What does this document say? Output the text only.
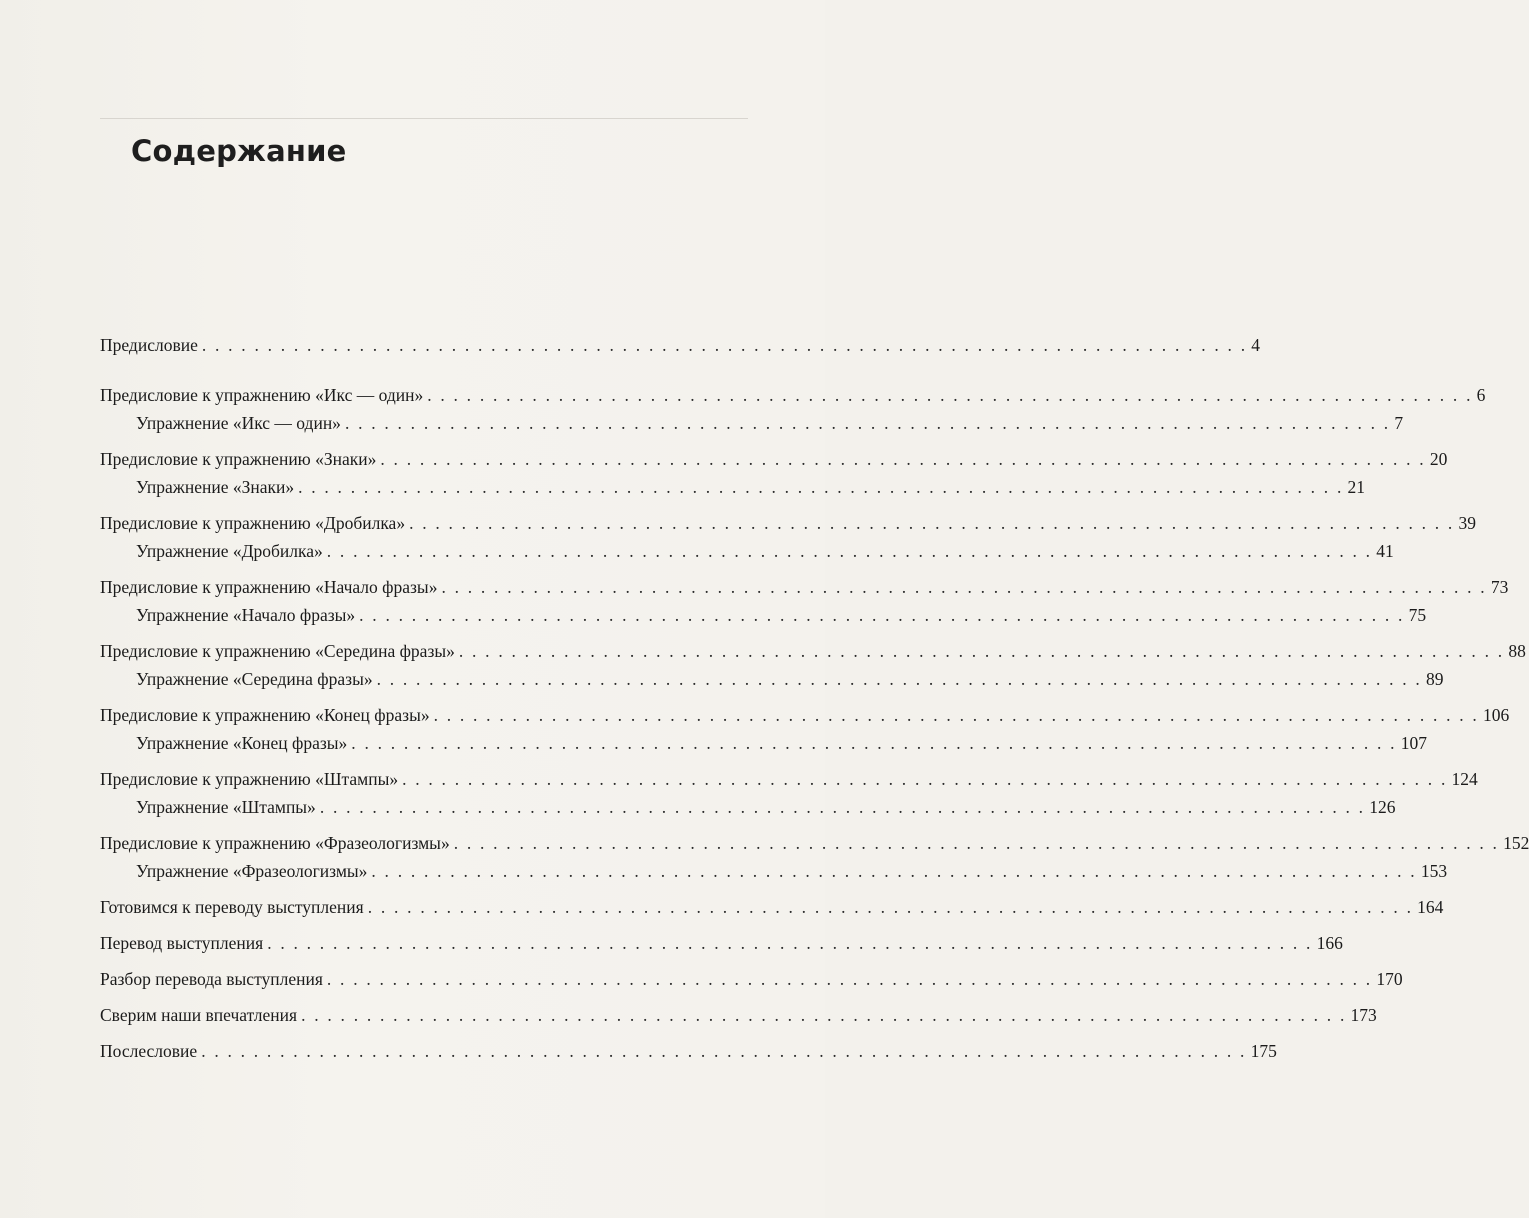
Содержание
Предисловие . . . . . . . . . . . . . . . . . . . . . . . . . . . . . . . . . . . . . . . . . . . . . . . . . . . . . . . . . . . . . . . . . . . . . . . . . . . . . . . . 4
Предисловие к упражнению «Икс — один» . . . . . . . . . . . . . . . . . . . . . . . . . . . . . . . . . . . . . . . . . . . . . . . . . . . . . . . . . . . . . . . . . . . . . . . . . . . . . . . . 6
Упражнение «Икс — один» . . . . . . . . . . . . . . . . . . . . . . . . . . . . . . . . . . . . . . . . . . . . . . . . . . . . . . . . . . . . . . . . . . . . . . . . . . . . . . . . 7
Предисловие к упражнению «Знаки» . . . . . . . . . . . . . . . . . . . . . . . . . . . . . . . . . . . . . . . . . . . . . . . . . . . . . . . . . . . . . . . . . . . . . . . . . . . . . . . . 20
Упражнение «Знаки» . . . . . . . . . . . . . . . . . . . . . . . . . . . . . . . . . . . . . . . . . . . . . . . . . . . . . . . . . . . . . . . . . . . . . . . . . . . . . . . . 21
Предисловие к упражнению «Дробилка» . . . . . . . . . . . . . . . . . . . . . . . . . . . . . . . . . . . . . . . . . . . . . . . . . . . . . . . . . . . . . . . . . . . . . . . . . . . . . . . . 39
Упражнение «Дробилка» . . . . . . . . . . . . . . . . . . . . . . . . . . . . . . . . . . . . . . . . . . . . . . . . . . . . . . . . . . . . . . . . . . . . . . . . . . . . . . . . 41
Предисловие к упражнению «Начало фразы» . . . . . . . . . . . . . . . . . . . . . . . . . . . . . . . . . . . . . . . . . . . . . . . . . . . . . . . . . . . . . . . . . . . . . . . . . . . . . . . . 73
Упражнение «Начало фразы» . . . . . . . . . . . . . . . . . . . . . . . . . . . . . . . . . . . . . . . . . . . . . . . . . . . . . . . . . . . . . . . . . . . . . . . . . . . . . . . . 75
Предисловие к упражнению «Середина фразы» . . . . . . . . . . . . . . . . . . . . . . . . . . . . . . . . . . . . . . . . . . . . . . . . . . . . . . . . . . . . . . . . . . . . . . . . . . . . . . . . 88
Упражнение «Середина фразы» . . . . . . . . . . . . . . . . . . . . . . . . . . . . . . . . . . . . . . . . . . . . . . . . . . . . . . . . . . . . . . . . . . . . . . . . . . . . . . . . 89
Предисловие к упражнению «Конец фразы» . . . . . . . . . . . . . . . . . . . . . . . . . . . . . . . . . . . . . . . . . . . . . . . . . . . . . . . . . . . . . . . . . . . . . . . . . . . . . . . . 106
Упражнение «Конец фразы» . . . . . . . . . . . . . . . . . . . . . . . . . . . . . . . . . . . . . . . . . . . . . . . . . . . . . . . . . . . . . . . . . . . . . . . . . . . . . . . . 107
Предисловие к упражнению «Штампы» . . . . . . . . . . . . . . . . . . . . . . . . . . . . . . . . . . . . . . . . . . . . . . . . . . . . . . . . . . . . . . . . . . . . . . . . . . . . . . . . 124
Упражнение «Штампы» . . . . . . . . . . . . . . . . . . . . . . . . . . . . . . . . . . . . . . . . . . . . . . . . . . . . . . . . . . . . . . . . . . . . . . . . . . . . . . . . 126
Предисловие к упражнению «Фразеологизмы» . . . . . . . . . . . . . . . . . . . . . . . . . . . . . . . . . . . . . . . . . . . . . . . . . . . . . . . . . . . . . . . . . . . . . . . . . . . . . . . . 152
Упражнение «Фразеологизмы» . . . . . . . . . . . . . . . . . . . . . . . . . . . . . . . . . . . . . . . . . . . . . . . . . . . . . . . . . . . . . . . . . . . . . . . . . . . . . . . . 153
Готовимся к переводу выступления . . . . . . . . . . . . . . . . . . . . . . . . . . . . . . . . . . . . . . . . . . . . . . . . . . . . . . . . . . . . . . . . . . . . . . . . . . . . . . . . 164
Перевод выступления . . . . . . . . . . . . . . . . . . . . . . . . . . . . . . . . . . . . . . . . . . . . . . . . . . . . . . . . . . . . . . . . . . . . . . . . . . . . . . . . 166
Разбор перевода выступления . . . . . . . . . . . . . . . . . . . . . . . . . . . . . . . . . . . . . . . . . . . . . . . . . . . . . . . . . . . . . . . . . . . . . . . . . . . . . . . . 170
Сверим наши впечатления . . . . . . . . . . . . . . . . . . . . . . . . . . . . . . . . . . . . . . . . . . . . . . . . . . . . . . . . . . . . . . . . . . . . . . . . . . . . . . . . 173
Послесловие . . . . . . . . . . . . . . . . . . . . . . . . . . . . . . . . . . . . . . . . . . . . . . . . . . . . . . . . . . . . . . . . . . . . . . . . . . . . . . . . 175
